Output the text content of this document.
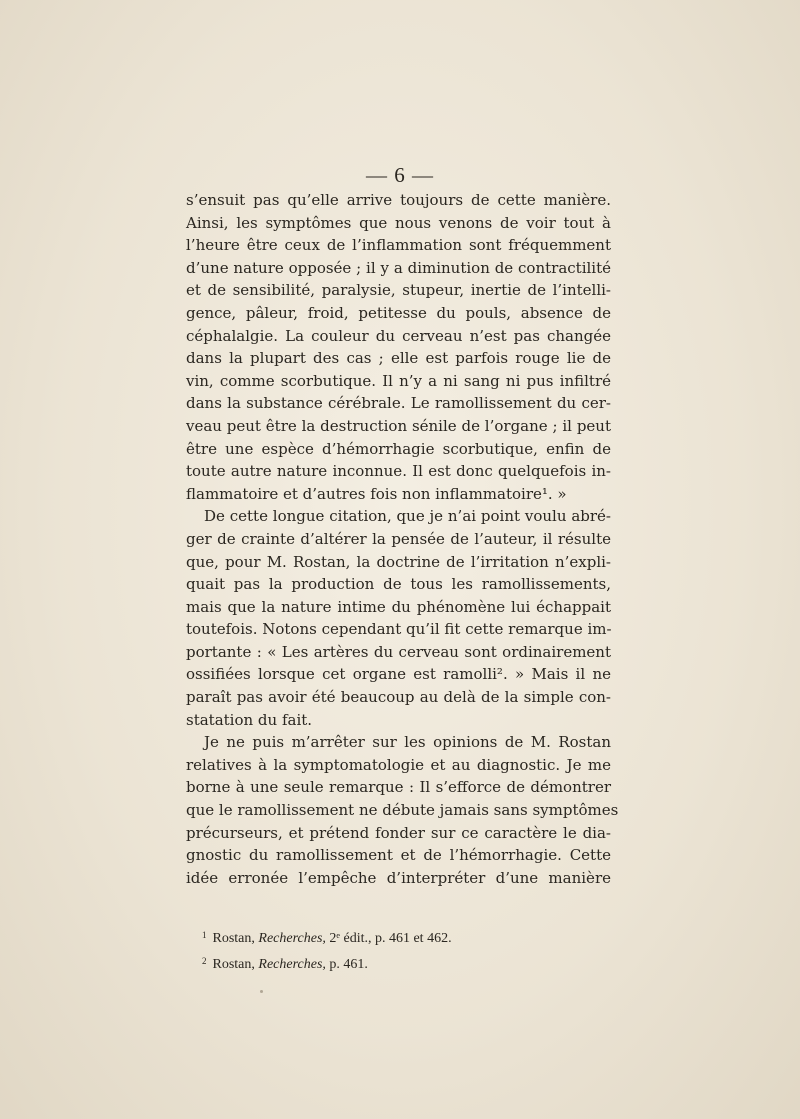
— 6 —
s’ensuit pas qu’elle arrive toujours de cette manière.
Ainsi, les symptômes que nous venons de voir tout à
l’heure être ceux de l’inflammation sont fréquemment
d’une nature opposée ; il y a diminution de contractilité
et de sensibilité, paralysie, stupeur, inertie de l’intelli-
gence, pâleur, froid, petitesse du pouls, absence de
céphalalgie. La couleur du cerveau n’est pas changée
dans la plupart des cas ; elle est parfois rouge lie de
vin, comme scorbutique. Il n’y a ni sang ni pus infiltré
dans la substance cérébrale. Le ramollissement du cer-
veau peut être la destruction sénile de l’organe ; il peut
être une espèce d’hémorrhagie scorbutique, enfin de
toute autre nature inconnue. Il est donc quelquefois in-
flammatoire et d’autres fois non inflammatoire¹. »
De cette longue citation, que je n’ai point voulu abré-
ger de crainte d’altérer la pensée de l’auteur, il résulte
que, pour M. Rostan, la doctrine de l’irritation n’expli-
quait pas la production de tous les ramollissements,
mais que la nature intime du phénomène lui échappait
toutefois. Notons cependant qu’il fit cette remarque im-
portante : « Les artères du cerveau sont ordinairement
ossifiées lorsque cet organe est ramolli². » Mais il ne
paraît pas avoir été beaucoup au delà de la simple con-
statation du fait.
Je ne puis m’arrêter sur les opinions de M. Rostan
relatives à la symptomatologie et au diagnostic. Je me
borne à une seule remarque : Il s’efforce de démontrer
que le ramollissement ne débute jamais sans symptômes
précurseurs, et prétend fonder sur ce caractère le dia-
gnostic du ramollissement et de l’hémorrhagie. Cette
idée erronée l’empêche d’interpréter d’une manière
$^1$ Rostan, Recherches, 2ᵉ édit., p. 461 et 462.
$^2$ Rostan, Recherches, p. 461.
